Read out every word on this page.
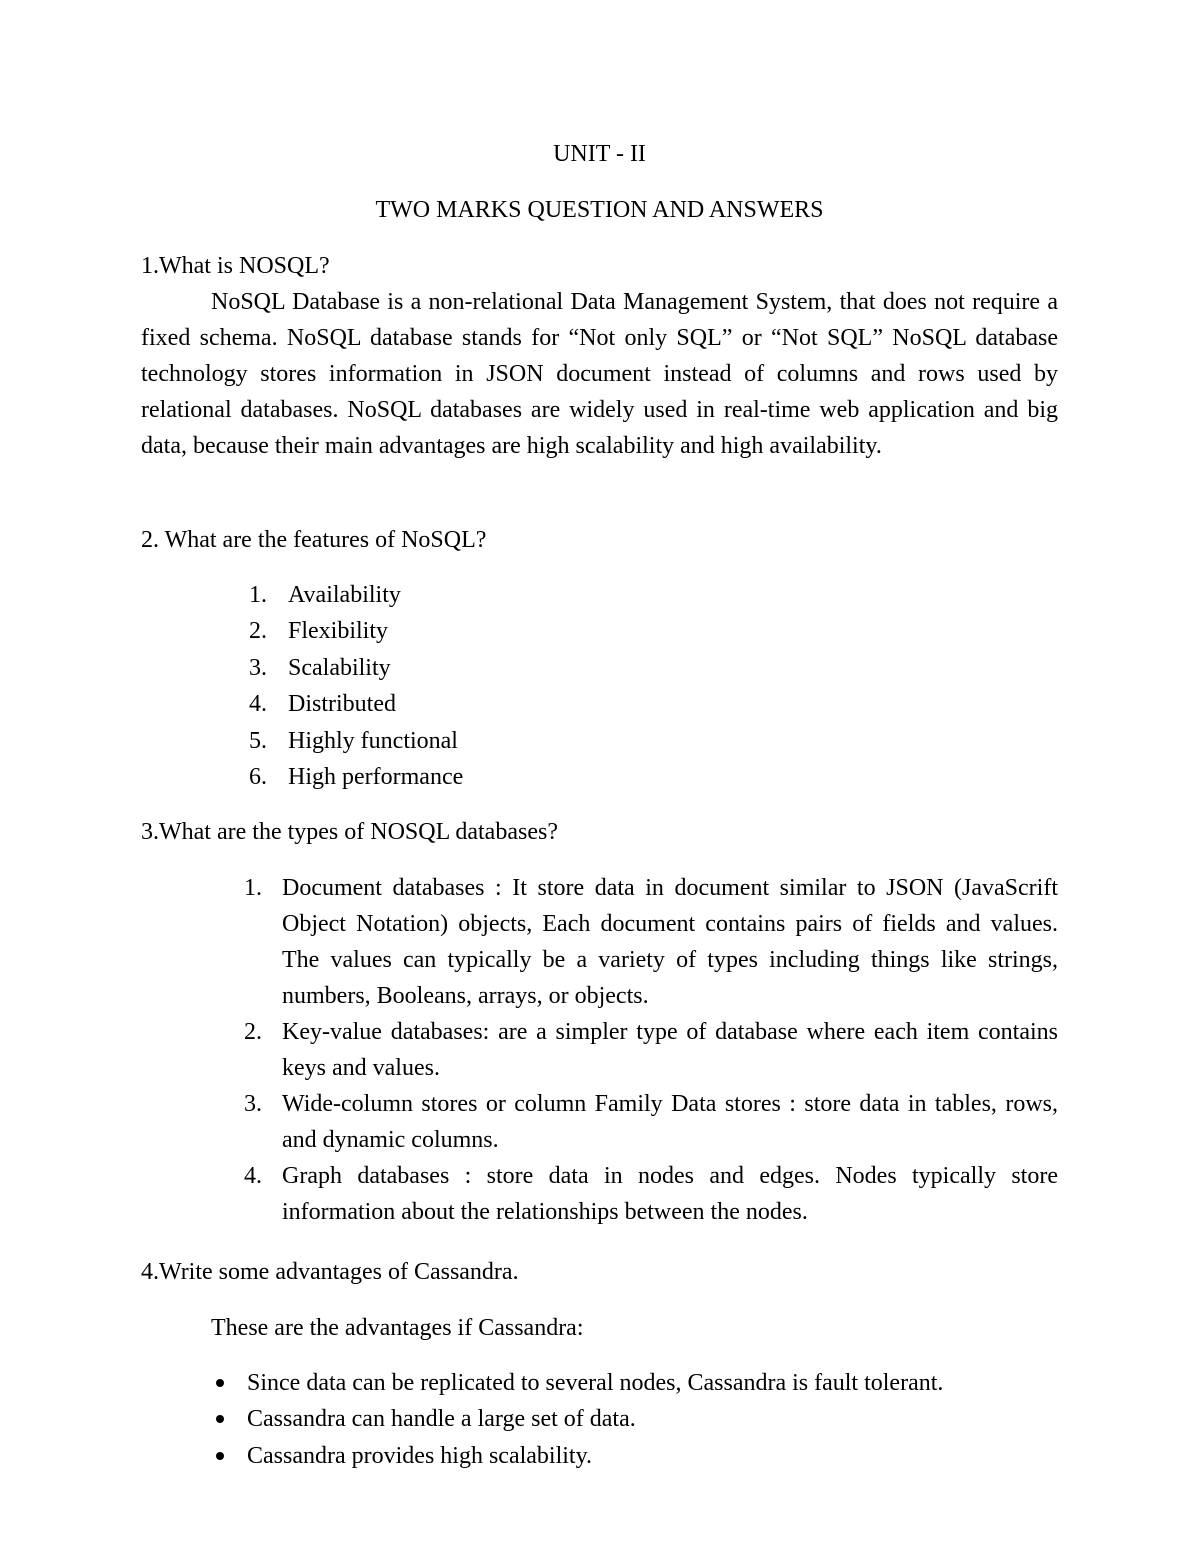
UNIT - II
TWO MARKS QUESTION AND ANSWERS
1.What is NOSQL?

NoSQL Database is a non-relational Data Management System, that does not require a fixed schema. NoSQL database stands for “Not only SQL” or “Not SQL” NoSQL database technology stores information in JSON document instead of columns and rows used by relational databases. NoSQL databases are widely used in real-time web application and big data, because their main advantages are high scalability and high availability.

2. What are the features of NoSQL?
1. Availability
2. Flexibility
3. Scalability
4. Distributed
5. Highly functional
6. High performance
3.What are the types of NOSQL databases?
1. Document databases : It store data in document similar to JSON (JavaScrift Object Notation) objects, Each document contains pairs of fields and values. The values can typically be a variety of types including things like strings, numbers, Booleans, arrays, or objects.
2. Key-value databases: are a simpler type of database where each item contains keys and values.
3. Wide-column stores or column Family Data stores : store data in tables, rows, and dynamic columns.
4. Graph databases : store data in nodes and edges. Nodes typically store information about the relationships between the nodes.
4.Write some advantages of Cassandra.
These are the advantages if Cassandra:
Since data can be replicated to several nodes, Cassandra is fault tolerant.
Cassandra can handle a large set of data.
Cassandra provides high scalability.
